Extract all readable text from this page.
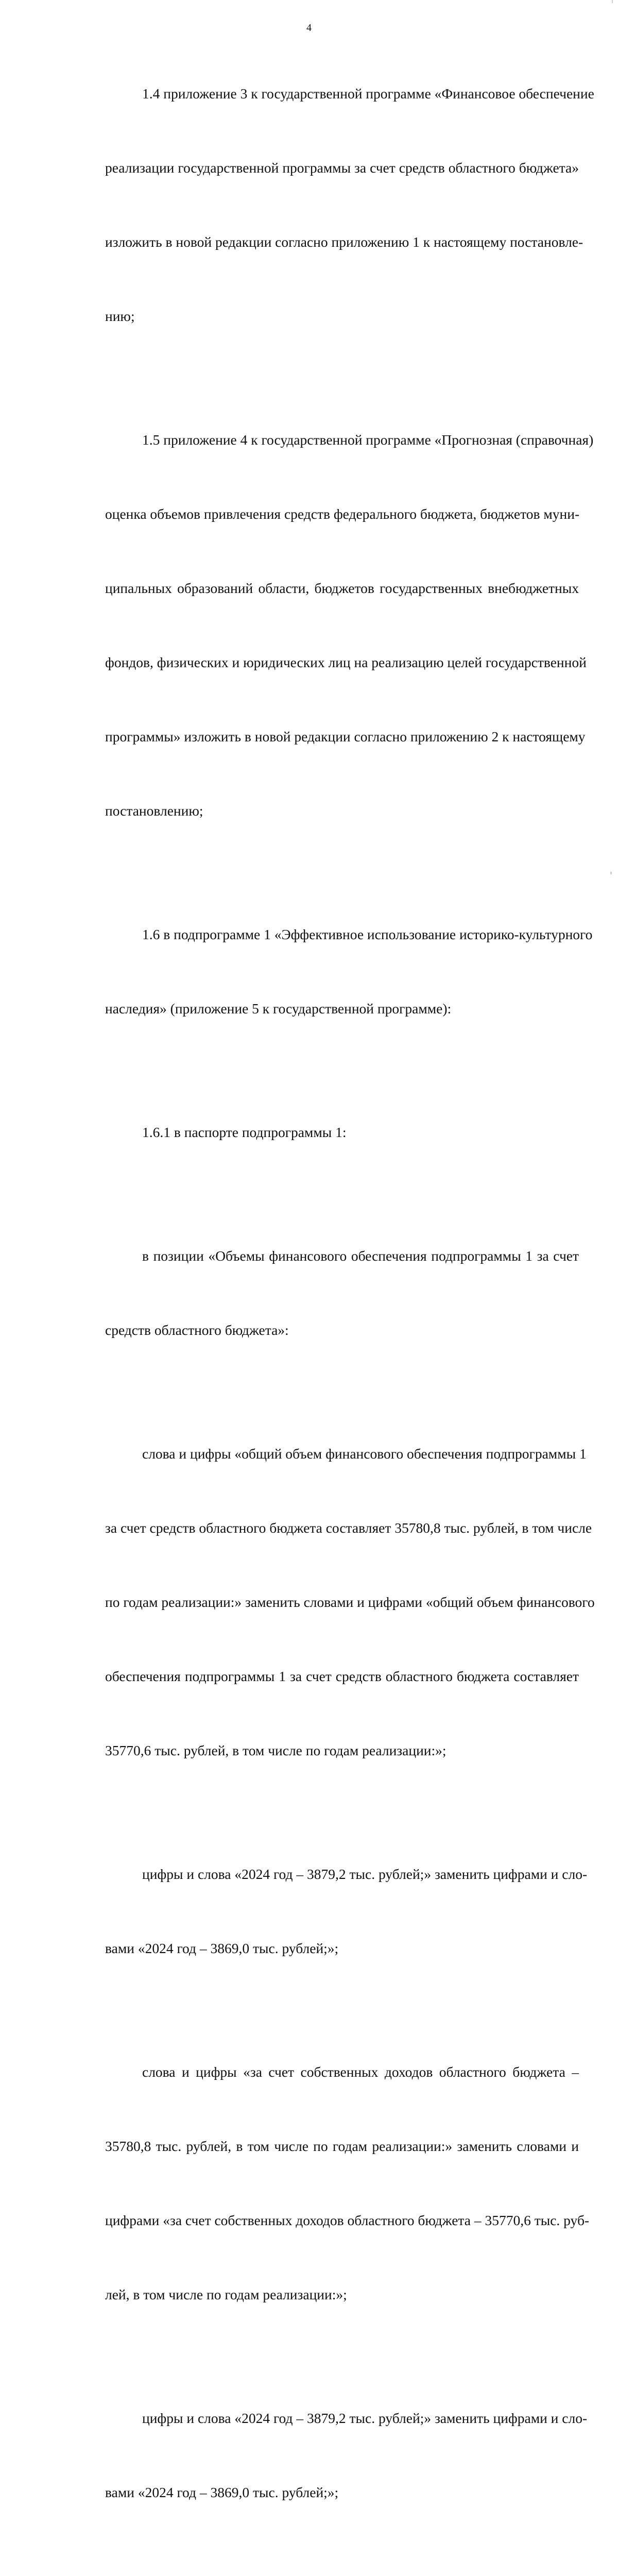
4

1.4 приложение 3 к государственной программе «Финансовое обеспечение

реализации государственной программы за счет средств областного бюджета»

изложить в новой редакции согласно приложению 1 к настоящему постановле-

нию;

1.5 приложение 4 к государственной программе «Прогнозная (справочная)

оценка объемов привлечения средств федерального бюджета, бюджетов муни-

ципальных образований области, бюджетов государственных внебюджетных

фондов, физических и юридических лиц на реализацию целей государственной

программы» изложить в новой редакции согласно приложению 2 к настоящему

постановлению;

1.6 в подпрограмме 1 «Эффективное использование историко-культурного

наследия» (приложение 5 к государственной программе):

1.6.1 в паспорте подпрограммы 1:

в позиции «Объемы финансового обеспечения подпрограммы 1 за счет

средств областного бюджета»:

слова и цифры «общий объем финансового обеспечения подпрограммы 1

за счет средств областного бюджета составляет 35780,8 тыс. рублей, в том числе

по годам реализации:» заменить словами и цифрами «общий объем финансового

обеспечения подпрограммы 1 за счет средств областного бюджета составляет

35770,6 тыс. рублей, в том числе по годам реализации:»;

цифры и слова «2024 год – 3879,2 тыс. рублей;» заменить цифрами и сло-

вами «2024 год – 3869,0 тыс. рублей;»;

слова и цифры «за счет собственных доходов областного бюджета –

35780,8 тыс. рублей, в том числе по годам реализации:» заменить словами и

цифрами «за счет собственных доходов областного бюджета – 35770,6 тыс. руб-

лей, в том числе по годам реализации:»;

цифры и слова «2024 год – 3879,2 тыс. рублей;» заменить цифрами и сло-

вами «2024 год – 3869,0 тыс. рублей;»;
